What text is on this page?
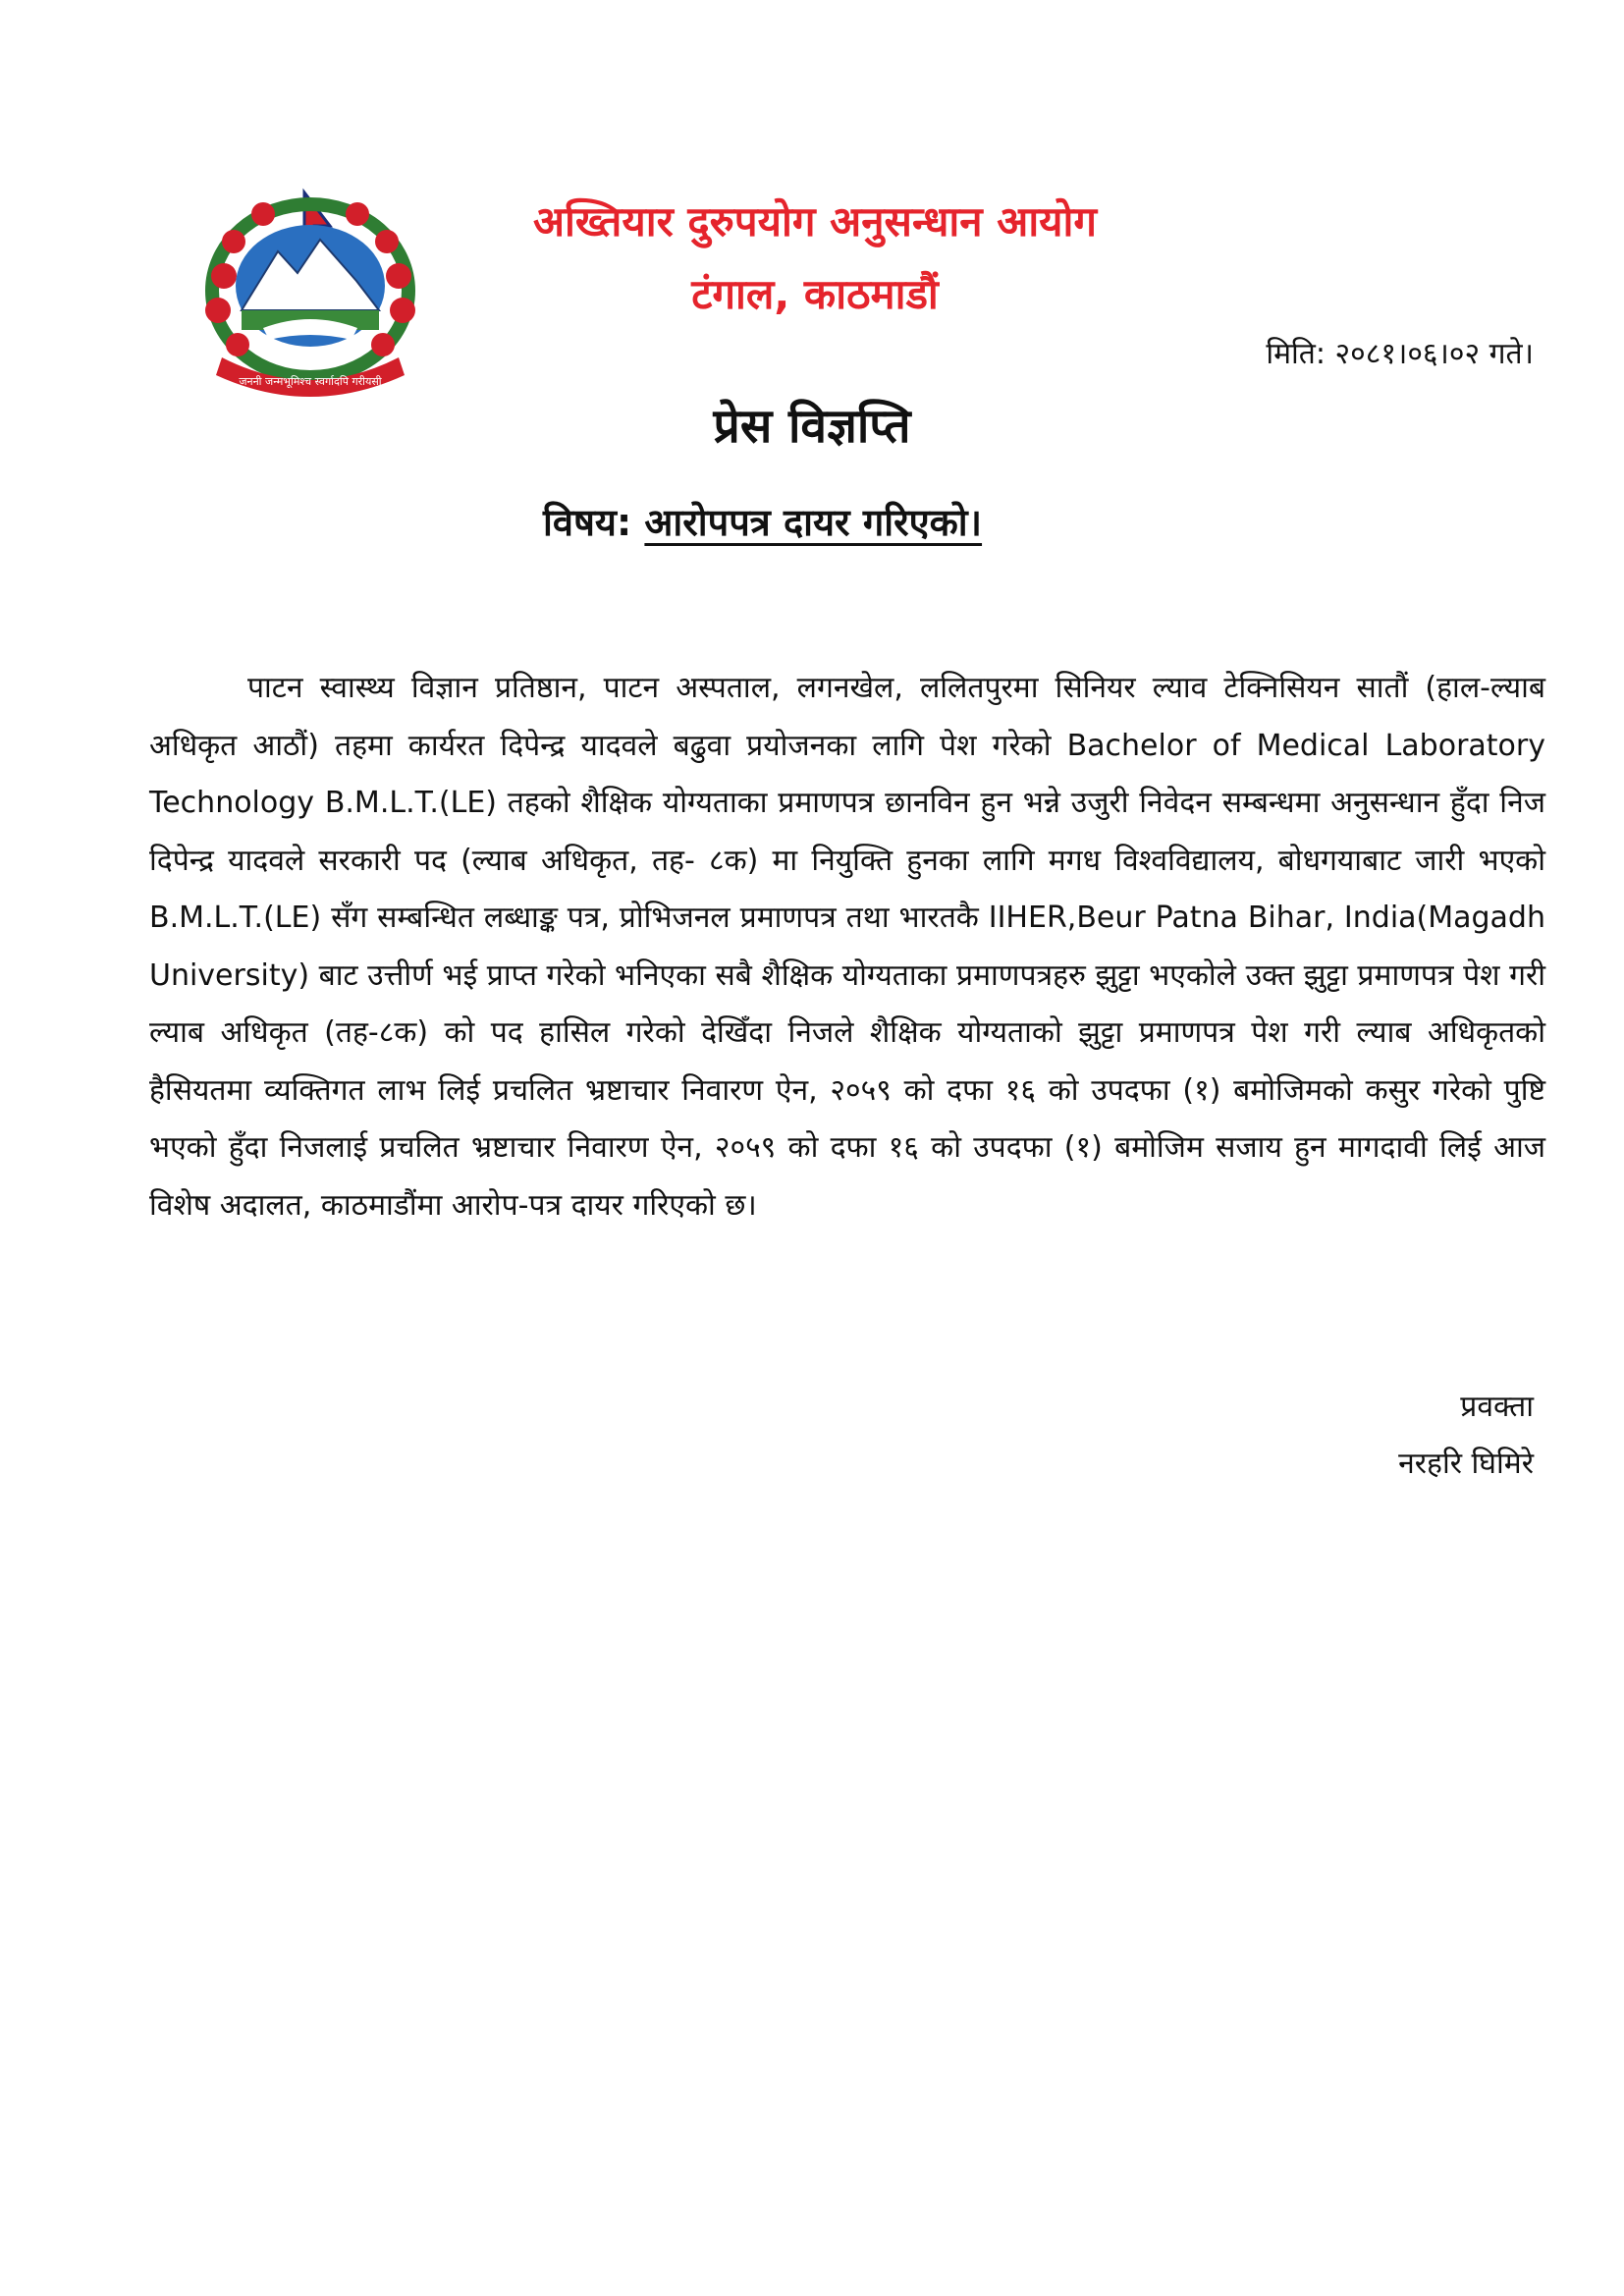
जननी जन्मभूमिश्च स्वर्गादपि गरीयसी
अख्तियार दुरुपयोग अनुसन्धान आयोग
टंगाल, काठमाडौं
मिति: २०८१।०६।०२ गते।
प्रेस विज्ञप्ति
विषय: आरोपपत्र दायर गरिएको।
पाटन स्वास्थ्य विज्ञान प्रतिष्ठान, पाटन अस्पताल, लगनखेल, ललितपुरमा सिनियर ल्याव टेक्निसियन सातौं (हाल-ल्याब अधिकृत आठौं) तहमा कार्यरत दिपेन्द्र यादवले बढुवा प्रयोजनका लागि पेश गरेको Bachelor of Medical Laboratory Technology B.M.L.T.(LE) तहको शैक्षिक योग्यताका प्रमाणपत्र छानविन हुन भन्ने उजुरी निवेदन सम्बन्धमा अनुसन्धान हुँदा निज दिपेन्द्र यादवले सरकारी पद (ल्याब अधिकृत, तह- ८क) मा नियुक्ति हुनका लागि मगध विश्वविद्यालय, बोधगयाबाट जारी भएको B.M.L.T.(LE) सँग सम्बन्धित लब्धाङ्क पत्र, प्रोभिजनल प्रमाणपत्र तथा भारतकै IIHER,Beur Patna Bihar, India(Magadh University) बाट उत्तीर्ण भई प्राप्त गरेको भनिएका सबै शैक्षिक योग्यताका प्रमाणपत्रहरु झुट्टा भएकोले उक्त झुट्टा प्रमाणपत्र पेश गरी ल्याब अधिकृत (तह-८क) को पद हासिल गरेको देखिँदा निजले शैक्षिक योग्यताको झुट्टा प्रमाणपत्र पेश गरी ल्याब अधिकृतको हैसियतमा व्यक्तिगत लाभ लिई प्रचलित भ्रष्टाचार निवारण ऐन, २०५९ को दफा १६ को उपदफा (१) बमोजिमको कसुर गरेको पुष्टि भएको हुँदा निजलाई प्रचलित भ्रष्टाचार निवारण ऐन, २०५९ को दफा १६ को उपदफा (१) बमोजिम सजाय हुन मागदावी लिई आज विशेष अदालत, काठमाडौंमा आरोप-पत्र दायर गरिएको छ।
प्रवक्ता
नरहरि घिमिरे
